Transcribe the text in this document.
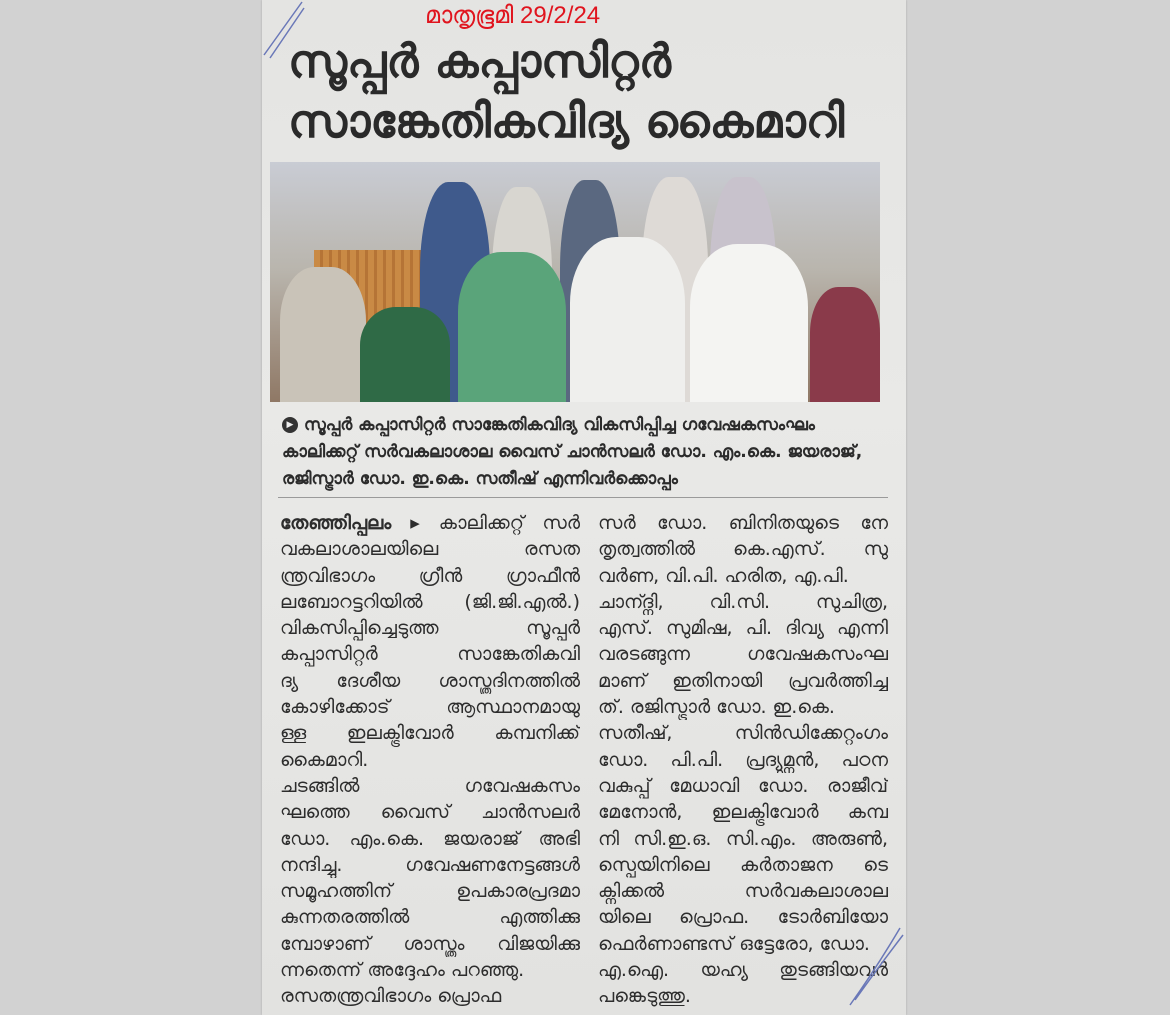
മാതൃഭൂമി 29/2/24
സൂപ്പർ കപ്പാസിറ്റർ
സാങ്കേതികവിദ്യ കൈമാറി
▶ സൂപ്പർ കപ്പാസിറ്റർ സാങ്കേതികവിദ്യ വികസിപ്പിച്ച ഗവേഷകസംഘം കാലിക്കറ്റ് സർവകലാശാല വൈസ് ചാൻസലർ ഡോ. എം.കെ. ജയരാജ്, രജിസ്ട്രാർ ഡോ. ഇ.കെ. സതീഷ് എന്നിവർക്കൊപ്പം
തേഞ്ഞിപ്പലം ▸ കാലിക്കറ്റ് സർ
വകലാശാലയിലെ രസത
ന്ത്രവിഭാഗം ഗ്രീൻ ഗ്രാഫീൻ
ലബോറട്ടറിയിൽ (ജി.ജി.എൽ.)
വികസിപ്പിച്ചെടുത്ത സൂപ്പർ
കപ്പാസിറ്റർ സാങ്കേതികവി
ദ്യ ദേശീയ ശാസ്ത്രദിനത്തിൽ
കോഴിക്കോട് ആസ്ഥാനമായു
ള്ള ഇലക്ട്രിവോർ കമ്പനിക്ക്
കൈമാറി.
ചടങ്ങിൽ ഗവേഷകസം
ഘത്തെ വൈസ് ചാൻസലർ
ഡോ. എം.കെ. ജയരാജ് അഭി
നന്ദിച്ചു. ഗവേഷണനേട്ടങ്ങൾ
സമൂഹത്തിന് ഉപകാരപ്രദമാ
കുന്നതരത്തിൽ എത്തിക്കു
മ്പോഴാണ് ശാസ്ത്രം വിജയിക്കു
ന്നതെന്ന് അദ്ദേഹം പറഞ്ഞു.
രസതന്ത്രവിഭാഗം പ്രൊഫ
സർ ഡോ. ബിനിതയുടെ നേ
തൃത്വത്തിൽ കെ.എസ്. സു
വർണ, വി.പി. ഹരിത, എ.പി.
ചാന്ദ്നി, വി.സി. സുചിത്ര,
എസ്. സുമിഷ, പി. ദിവ്യ എന്നി
വരടങ്ങുന്ന ഗവേഷകസംഘ
മാണ് ഇതിനായി പ്രവർത്തിച്ച
ത്. രജിസ്ട്രാർ ഡോ. ഇ.കെ.
സതീഷ്, സിൻഡിക്കേറ്റംഗം
ഡോ. പി.പി. പ്രദ്യുമ്നൻ, പഠന
വകുപ്പ് മേധാവി ഡോ. രാജീവ്
മേനോൻ, ഇലക്ട്രിവോർ കമ്പ
നി സി.ഇ.ഒ. സി.എം. അരുൺ,
സ്പെയിനിലെ കർതാജന ടെ
ക്നിക്കൽ സർവകലാശാല
യിലെ പ്രൊഫ. ടോർബിയോ
ഫെർണാണ്ടസ് ഒട്ടേരോ, ഡോ.
എ.ഐ. യഹ്യ തുടങ്ങിയവർ
പങ്കെടുത്തു.
